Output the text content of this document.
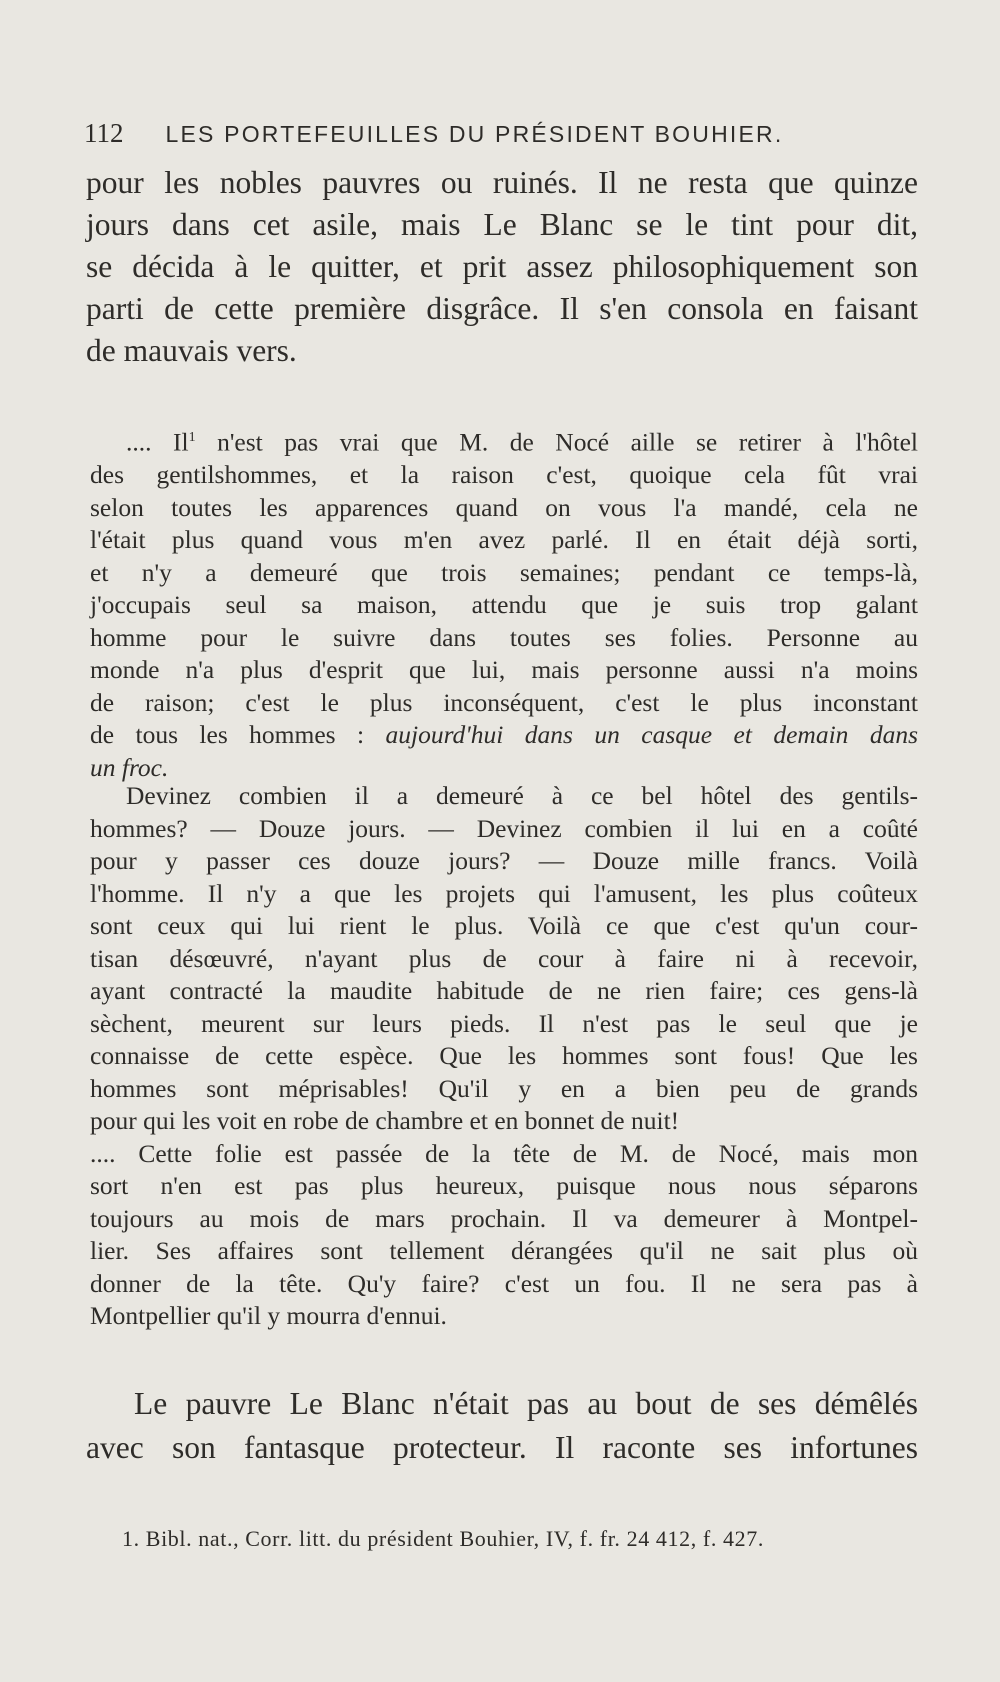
112 LES PORTEFEUILLES DU PRÉSIDENT BOUHIER.

pour les nobles pauvres ou ruinés. Il ne resta que quinze
jours dans cet asile, mais Le Blanc se le tint pour dit,
se décida à le quitter, et prit assez philosophiquement son
parti de cette première disgrâce. Il s'en consola en faisant
de mauvais vers.

.... Il$^1$ n'est pas vrai que M. de Nocé aille se retirer à l'hôtel
des gentilshommes, et la raison c'est, quoique cela fût vrai
selon toutes les apparences quand on vous l'a mandé, cela ne
l'était plus quand vous m'en avez parlé. Il en était déjà sorti,
et n'y a demeuré que trois semaines; pendant ce temps-là,
j'occupais seul sa maison, attendu que je suis trop galant
homme pour le suivre dans toutes ses folies. Personne au
monde n'a plus d'esprit que lui, mais personne aussi n'a moins
de raison; c'est le plus inconséquent, c'est le plus inconstant
de tous les hommes : aujourd'hui dans un casque et demain dans
un froc.

Devinez combien il a demeuré à ce bel hôtel des gentils-
hommes? — Douze jours. — Devinez combien il lui en a coûté
pour y passer ces douze jours? — Douze mille francs. Voilà
l'homme. Il n'y a que les projets qui l'amusent, les plus coûteux
sont ceux qui lui rient le plus. Voilà ce que c'est qu'un cour-
tisan désœuvré, n'ayant plus de cour à faire ni à recevoir,
ayant contracté la maudite habitude de ne rien faire; ces gens-là
sèchent, meurent sur leurs pieds. Il n'est pas le seul que je
connaisse de cette espèce. Que les hommes sont fous! Que les
hommes sont méprisables! Qu'il y en a bien peu de grands
pour qui les voit en robe de chambre et en bonnet de nuit!
.... Cette folie est passée de la tête de M. de Nocé, mais mon
sort n'en est pas plus heureux, puisque nous nous séparons
toujours au mois de mars prochain. Il va demeurer à Montpel-
lier. Ses affaires sont tellement dérangées qu'il ne sait plus où
donner de la tête. Qu'y faire? c'est un fou. Il ne sera pas à
Montpellier qu'il y mourra d'ennui.

Le pauvre Le Blanc n'était pas au bout de ses démêlés
avec son fantasque protecteur. Il raconte ses infortunes

1. Bibl. nat., Corr. litt. du président Bouhier, IV, f. fr. 24 412, f. 427.
